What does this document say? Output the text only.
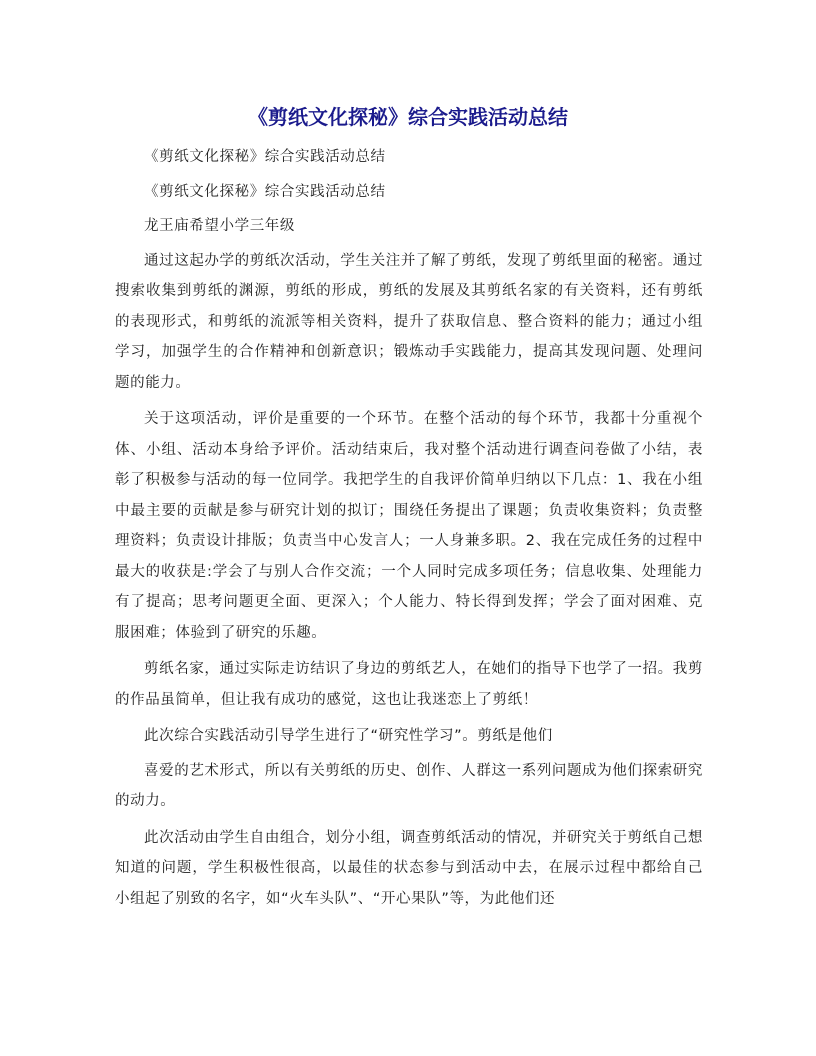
《剪纸文化探秘》综合实践活动总结

《剪纸文化探秘》综合实践活动总结

《剪纸文化探秘》综合实践活动总结

龙王庙希望小学三年级

通过这起办学的剪纸次活动，学生关注并了解了剪纸，发现了剪纸里面的秘密。通过搜索收集到剪纸的渊源，剪纸的形成，剪纸的发展及其剪纸名家的有关资料，还有剪纸的表现形式，和剪纸的流派等相关资料，提升了获取信息、整合资料的能力；通过小组学习，加强学生的合作精神和创新意识；锻炼动手实践能力，提高其发现问题、处理问题的能力。

关于这项活动，评价是重要的一个环节。在整个活动的每个环节，我都十分重视个体、小组、活动本身给予评价。活动结束后，我对整个活动进行调查问卷做了小结，表彰了积极参与活动的每一位同学。我把学生的自我评价简单归纳以下几点：1、我在小组中最主要的贡献是参与研究计划的拟订；围绕任务提出了课题；负责收集资料；负责整理资料；负责设计排版；负责当中心发言人；一人身兼多职。2、我在完成任务的过程中最大的收获是:学会了与别人合作交流；一个人同时完成多项任务；信息收集、处理能力有了提高；思考问题更全面、更深入；个人能力、特长得到发挥；学会了面对困难、克服困难；体验到了研究的乐趣。

剪纸名家，通过实际走访结识了身边的剪纸艺人，在她们的指导下也学了一招。我剪的作品虽简单，但让我有成功的感觉，这也让我迷恋上了剪纸！

此次综合实践活动引导学生进行了“研究性学习”。剪纸是他们

喜爱的艺术形式，所以有关剪纸的历史、创作、人群这一系列问题成为他们探索研究的动力。

此次活动由学生自由组合，划分小组，调查剪纸活动的情况，并研究关于剪纸自己想知道的问题，学生积极性很高，以最佳的状态参与到活动中去，在展示过程中都给自己小组起了别致的名字，如“火车头队”、“开心果队”等，为此他们还
